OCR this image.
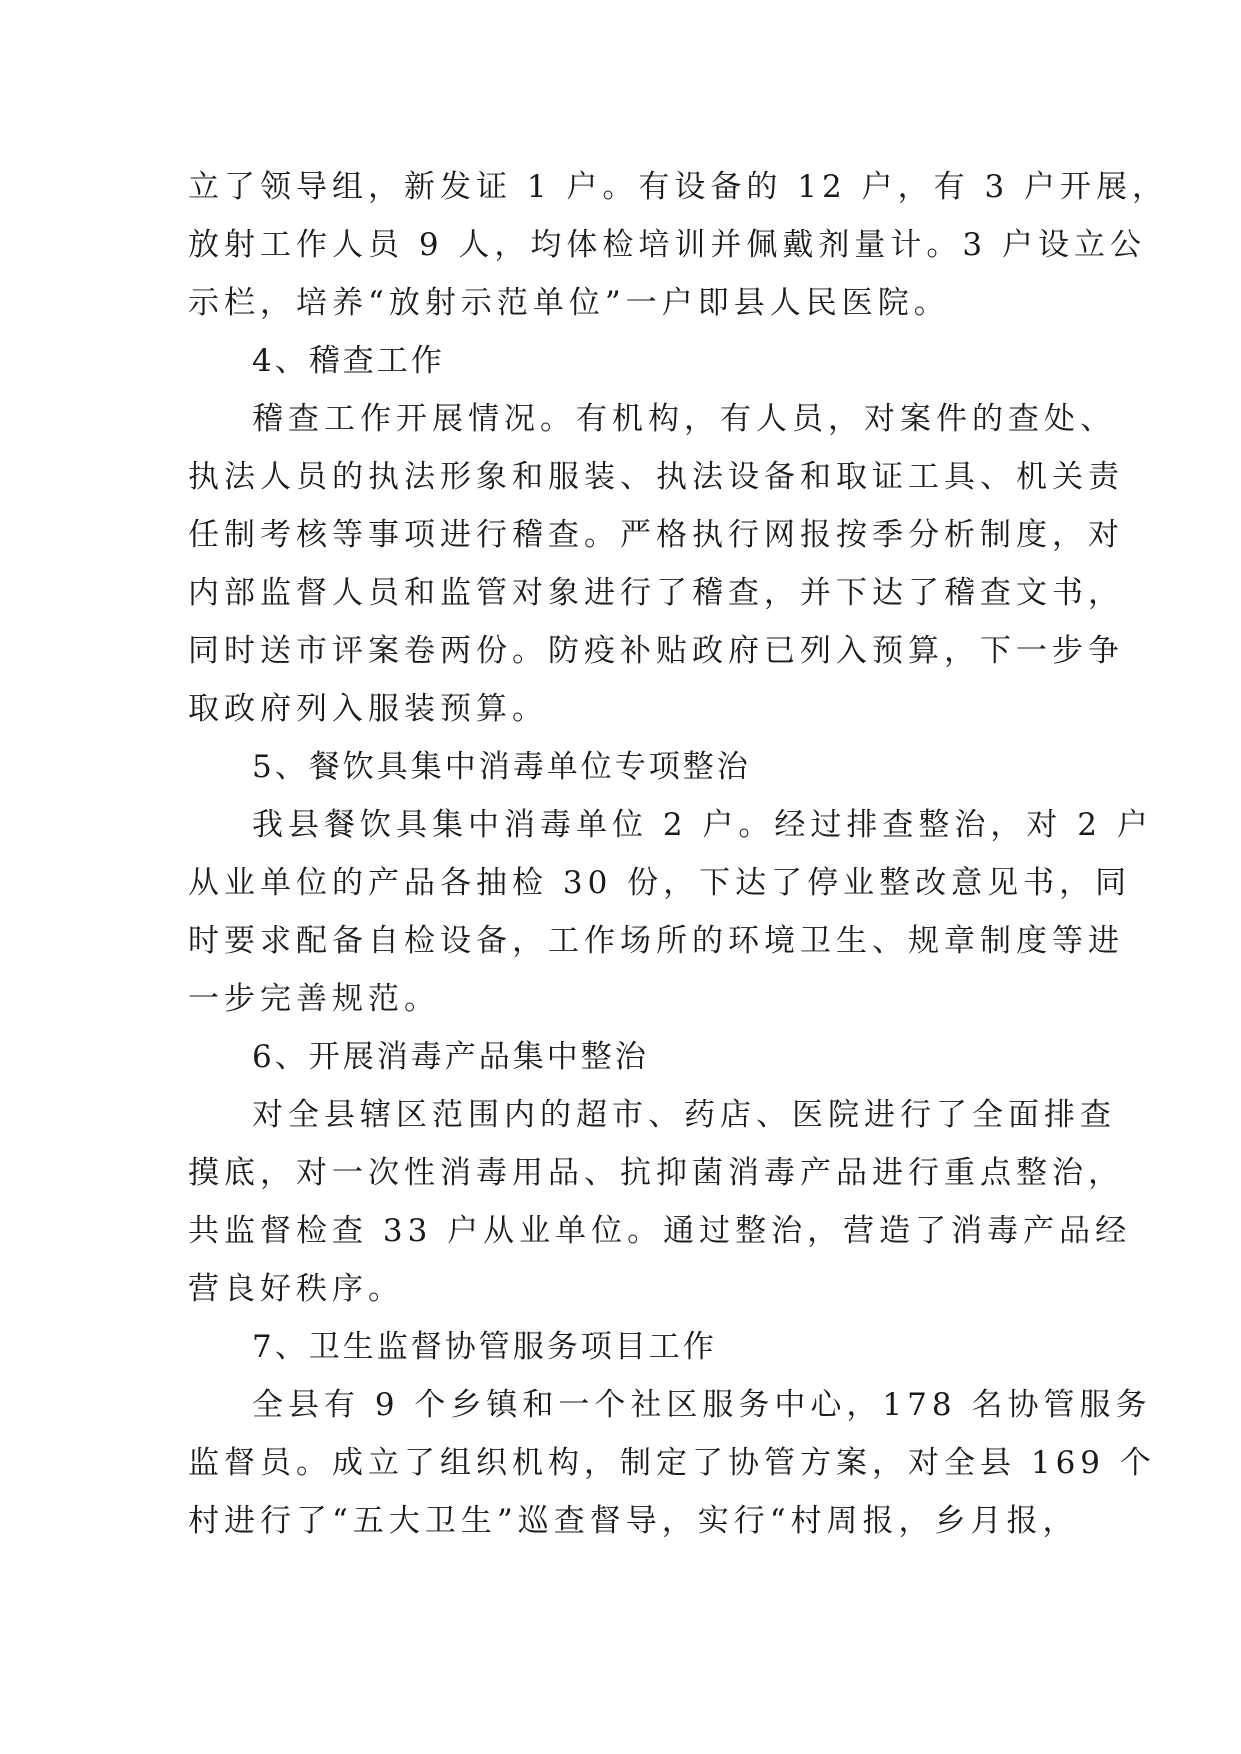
立了领导组，新发证 1 户。有设备的 12 户，有 3 户开展，
放射工作人员 9 人，均体检培训并佩戴剂量计。3 户设立公
示栏，培养“放射示范单位”一户即县人民医院。
4、稽查工作
稽查工作开展情况。有机构，有人员，对案件的查处、
执法人员的执法形象和服装、执法设备和取证工具、机关责
任制考核等事项进行稽查。严格执行网报按季分析制度，对
内部监督人员和监管对象进行了稽查，并下达了稽查文书，
同时送市评案卷两份。防疫补贴政府已列入预算，下一步争
取政府列入服装预算。
5、餐饮具集中消毒单位专项整治
我县餐饮具集中消毒单位 2 户。经过排查整治，对 2 户
从业单位的产品各抽检 30 份，下达了停业整改意见书，同
时要求配备自检设备，工作场所的环境卫生、规章制度等进
一步完善规范。
6、开展消毒产品集中整治
对全县辖区范围内的超市、药店、医院进行了全面排查
摸底，对一次性消毒用品、抗抑菌消毒产品进行重点整治，
共监督检查 33 户从业单位。通过整治，营造了消毒产品经
营良好秩序。
7、卫生监督协管服务项目工作
全县有 9 个乡镇和一个社区服务中心，178 名协管服务
监督员。成立了组织机构，制定了协管方案，对全县 169 个
村进行了“五大卫生”巡查督导，实行“村周报，乡月报，
